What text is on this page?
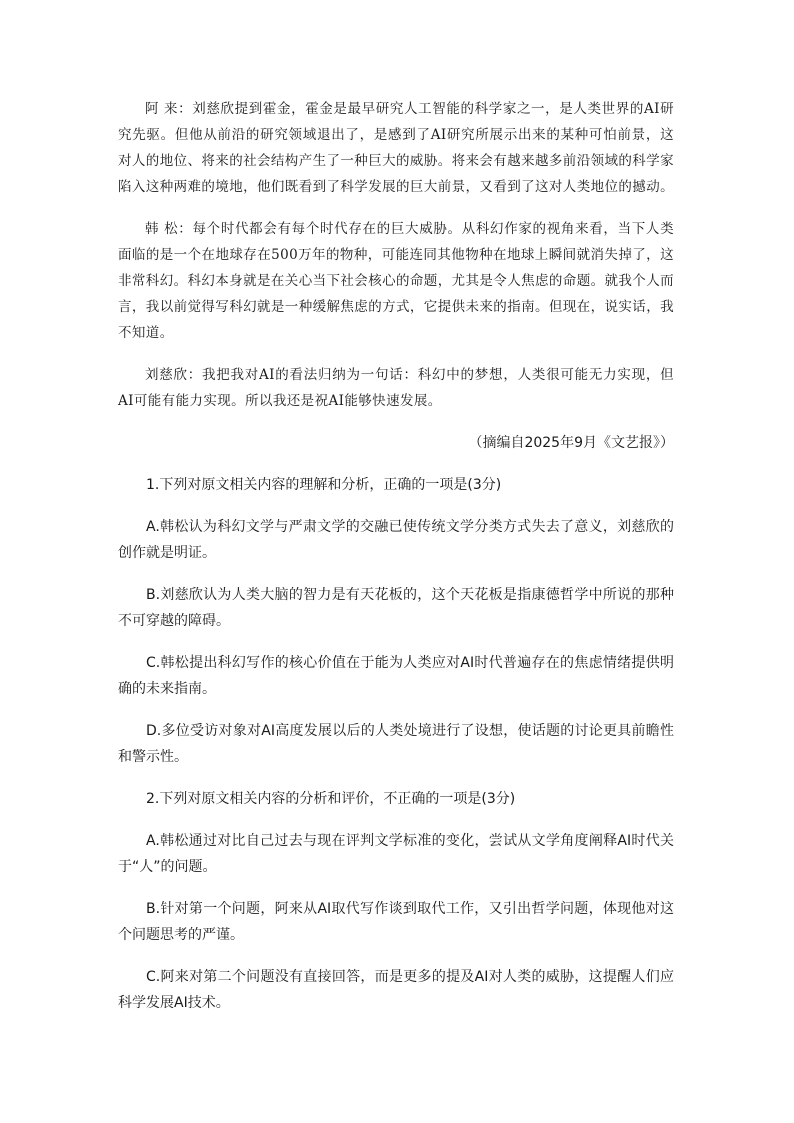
阿 来：刘慈欣提到霍金，霍金是最早研究人工智能的科学家之一，是人类世界的AI研究先驱。但他从前沿的研究领域退出了，是感到了AI研究所展示出来的某种可怕前景，这对人的地位、将来的社会结构产生了一种巨大的威胁。将来会有越来越多前沿领域的科学家陷入这种两难的境地，他们既看到了科学发展的巨大前景，又看到了这对人类地位的撼动。

韩 松：每个时代都会有每个时代存在的巨大威胁。从科幻作家的视角来看，当下人类面临的是一个在地球存在500万年的物种，可能连同其他物种在地球上瞬间就消失掉了，这非常科幻。科幻本身就是在关心当下社会核心的命题，尤其是令人焦虑的命题。就我个人而言，我以前觉得写科幻就是一种缓解焦虑的方式，它提供未来的指南。但现在，说实话，我不知道。

刘慈欣：我把我对AI的看法归纳为一句话：科幻中的梦想，人类很可能无力实现，但AI可能有能力实现。所以我还是祝AI能够快速发展。

（摘编自2025年9月《文艺报》）

1.下列对原文相关内容的理解和分析，正确的一项是(3分)

A.韩松认为科幻文学与严肃文学的交融已使传统文学分类方式失去了意义，刘慈欣的创作就是明证。

B.刘慈欣认为人类大脑的智力是有天花板的，这个天花板是指康德哲学中所说的那种不可穿越的障碍。

C.韩松提出科幻写作的核心价值在于能为人类应对AI时代普遍存在的焦虑情绪提供明确的未来指南。

D.多位受访对象对AI高度发展以后的人类处境进行了设想，使话题的讨论更具前瞻性和警示性。

2.下列对原文相关内容的分析和评价，不正确的一项是(3分)

A.韩松通过对比自己过去与现在评判文学标准的变化，尝试从文学角度阐释AI时代关于“人”的问题。

B.针对第一个问题，阿来从AI取代写作谈到取代工作，又引出哲学问题，体现他对这个问题思考的严谨。

C.阿来对第二个问题没有直接回答，而是更多的提及AI对人类的威胁，这提醒人们应科学发展AI技术。
